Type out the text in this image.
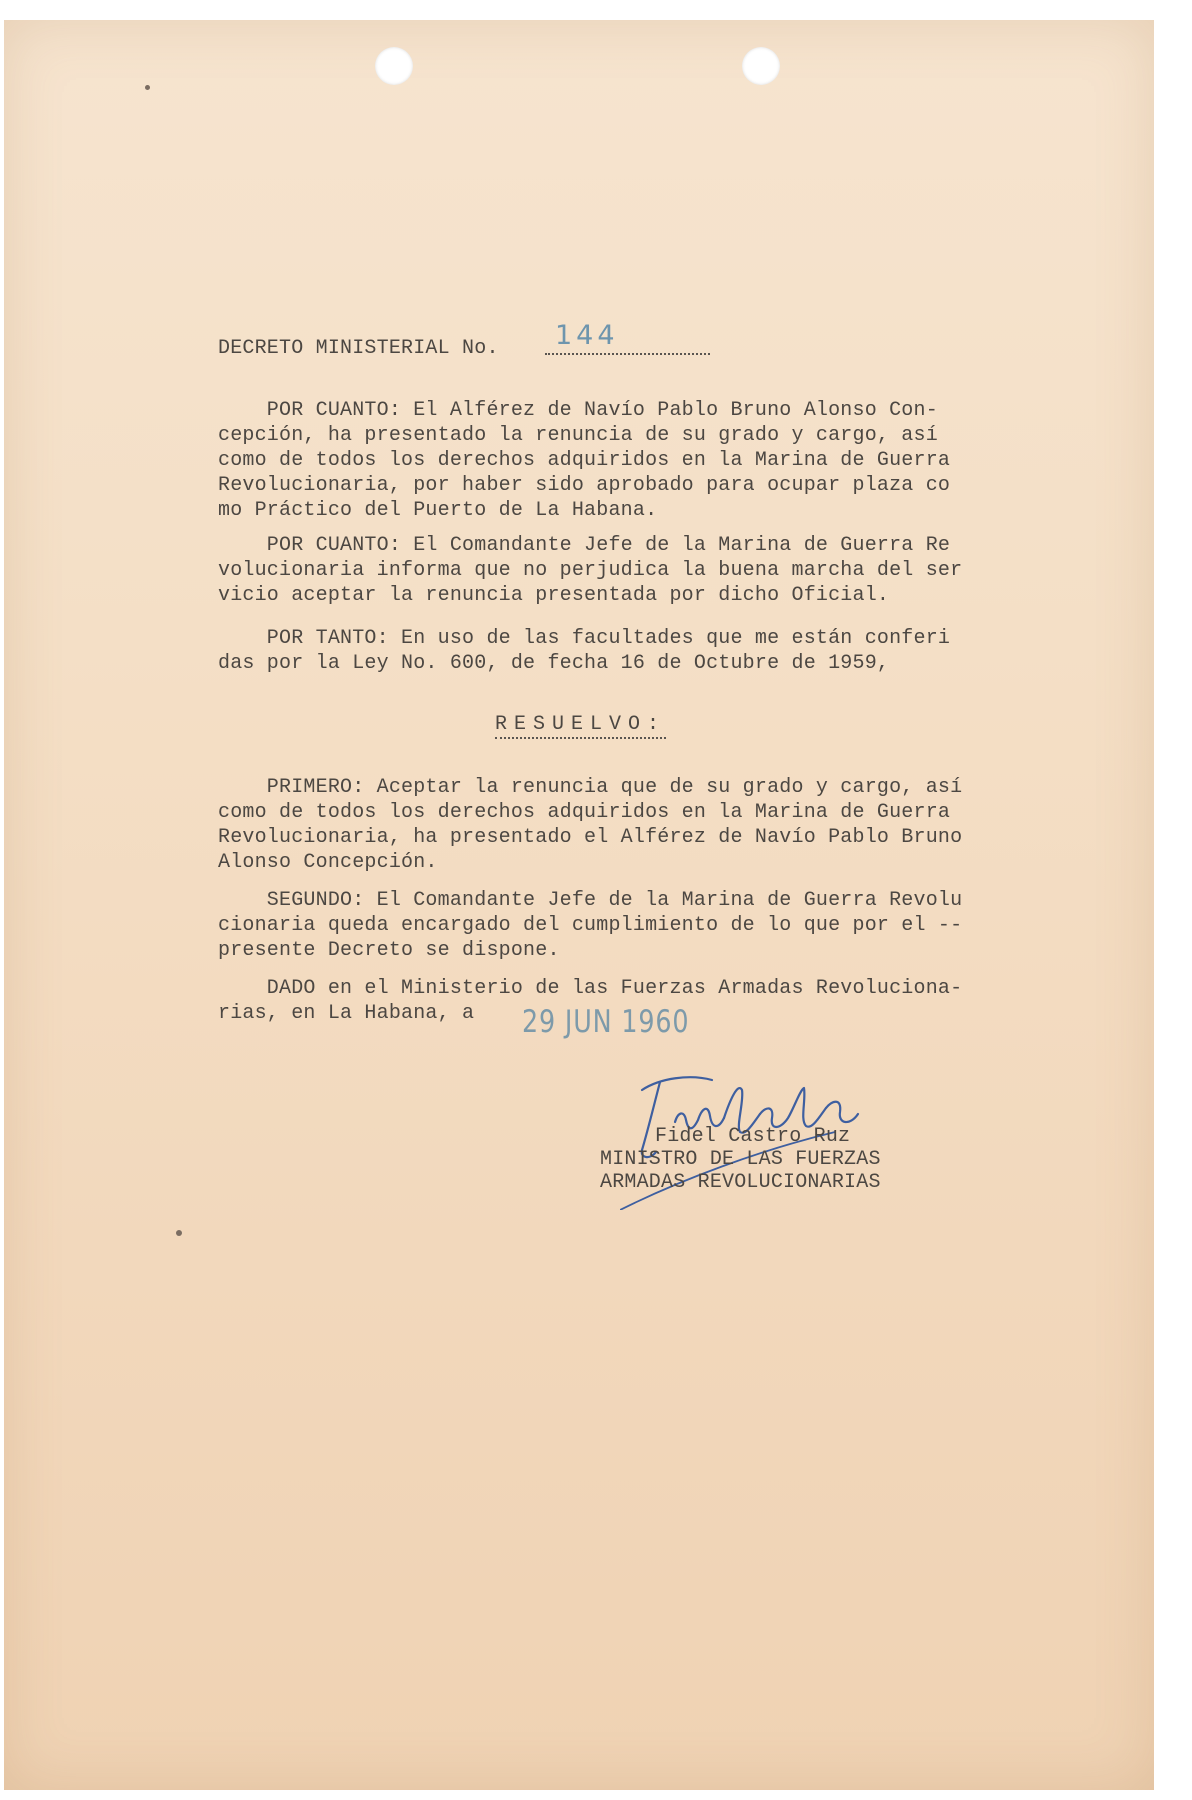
DECRETO MINISTERIAL No. 144
POR CUANTO: El Alférez de Navío Pablo Bruno Alonso Con-
cepción, ha presentado la renuncia de su grado y cargo, así
como de todos los derechos adquiridos en la Marina de Guerra
Revolucionaria, por haber sido aprobado para ocupar plaza co
mo Práctico del Puerto de La Habana.
POR CUANTO: El Comandante Jefe de la Marina de Guerra Re
volucionaria informa que no perjudica la buena marcha del ser
vicio aceptar la renuncia presentada por dicho Oficial.
POR TANTO: En uso de las facultades que me están conferi
das por la Ley No. 600, de fecha 16 de Octubre de 1959,
RESUELVO:
PRIMERO: Aceptar la renuncia que de su grado y cargo, así
como de todos los derechos adquiridos en la Marina de Guerra
Revolucionaria, ha presentado el Alférez de Navío Pablo Bruno
Alonso Concepción.
SEGUNDO: El Comandante Jefe de la Marina de Guerra Revolu
cionaria queda encargado del cumplimiento de lo que por el --
presente Decreto se dispone.
DADO en el Ministerio de las Fuerzas Armadas Revoluciona-
rias, en La Habana, a	29 JUN 1960
Fidel Castro Ruz
MINISTRO DE LAS FUERZAS
ARMADAS REVOLUCIONARIAS
